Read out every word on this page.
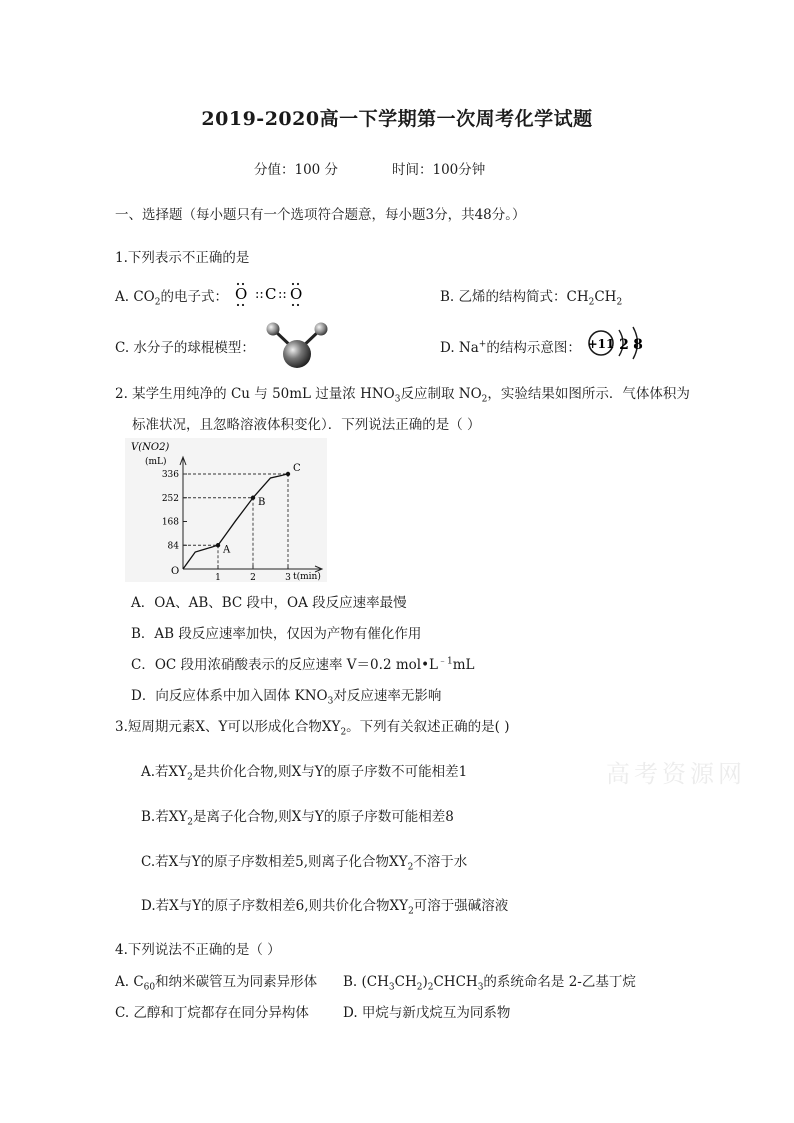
2019-2020高一下学期第一次周考化学试题
分值：100 分	时间：100分钟
一、选择题（每小题只有一个选项符合题意，每小题3分，共48分。）
1.下列表示不正确的是
A. $CO_2$的电子式： O :: C :: O	B. 乙烯的结构简式：$CH_2CH_2$
C. 水分子的球棍模型：	D. Na+的结构示意图： +11 2 8
2. 某学生用纯净的 Cu 与 50mL 过量浓 $HNO_3$反应制取 $NO_2$，实验结果如图所示．气体体积为
标准状况，且忽略溶液体积变化）．下列说法正确的是（ ）
V(NO2)
(mL)
t(min)
O
84
168
252
336
1	2	3
A
B
C
A．OA、AB、BC 段中，OA 段反应速率最慢
B．AB 段反应速率加快，仅因为产物有催化作用
C．OC 段用浓硝酸表示的反应速率 V＝0.2 $mol•L^{﹣1}mL$
D．向反应体系中加入固体 $KNO_3$对反应速率无影响
3.短周期元素X、Y可以形成化合物$XY_2$。下列有关叙述正确的是( )
A.若$XY_2$是共价化合物,则X与Y的原子序数不可能相差1	高考资源网
B.若$XY_2$是离子化合物,则X与Y的原子序数可能相差8
C.若X与Y的原子序数相差5,则离子化合物$XY_2$不溶于水
D.若X与Y的原子序数相差6,则共价化合物$XY_2$可溶于强碱溶液
4.下列说法不正确的是（ ）
A. $C_{60}$和纳米碳管互为同素异形体 B. $(CH_3CH_2)_2CHCH_3$的系统命名是 2-乙基丁烷
C. 乙醇和丁烷都存在同分异构体	D. 甲烷与新戊烷互为同系物
